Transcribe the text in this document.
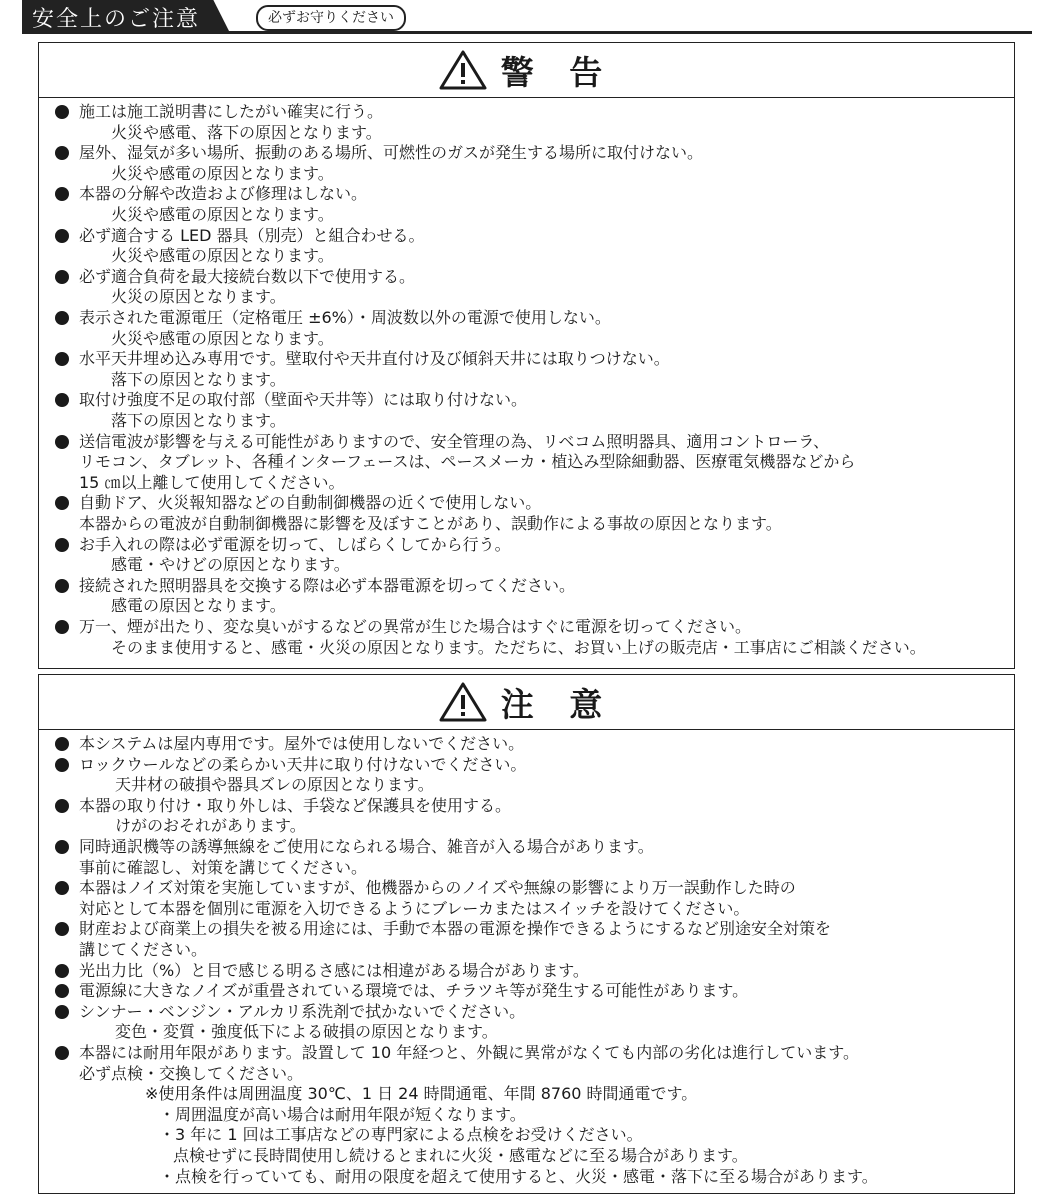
安全上のご注意	必ずお守りください
警 告
施工は施工説明書にしたがい確実に行う。
火災や感電、落下の原因となります。
屋外、湿気が多い場所、振動のある場所、可燃性のガスが発生する場所に取付けない。
火災や感電の原因となります。
本器の分解や改造および修理はしない。
火災や感電の原因となります。
必ず適合する LED 器具（別売）と組合わせる。
火災や感電の原因となります。
必ず適合負荷を最大接続台数以下で使用する。
火災の原因となります。
表示された電源電圧（定格電圧 ±6%）・周波数以外の電源で使用しない。
火災や感電の原因となります。
水平天井埋め込み専用です。壁取付や天井直付け及び傾斜天井には取りつけない。
落下の原因となります。
取付け強度不足の取付部（壁面や天井等）には取り付けない。
落下の原因となります。
送信電波が影響を与える可能性がありますので、安全管理の為、リベコム照明器具、適用コントローラ、
リモコン、タブレット、各種インターフェースは、ペースメーカ・植込み型除細動器、医療電気機器などから
15 ㎝以上離して使用してください。
自動ドア、火災報知器などの自動制御機器の近くで使用しない。
本器からの電波が自動制御機器に影響を及ぼすことがあり、誤動作による事故の原因となります。
お手入れの際は必ず電源を切って、しばらくしてから行う。
感電・やけどの原因となります。
接続された照明器具を交換する際は必ず本器電源を切ってください。
感電の原因となります。
万一、煙が出たり、変な臭いがするなどの異常が生じた場合はすぐに電源を切ってください。
そのまま使用すると、感電・火災の原因となります。ただちに、お買い上げの販売店・工事店にご相談ください。
注 意
本システムは屋内専用です。屋外では使用しないでください。
ロックウールなどの柔らかい天井に取り付けないでください。
天井材の破損や器具ズレの原因となります。
本器の取り付け・取り外しは、手袋など保護具を使用する。
けがのおそれがあります。
同時通訳機等の誘導無線をご使用になられる場合、雑音が入る場合があります。
事前に確認し、対策を講じてください。
本器はノイズ対策を実施していますが、他機器からのノイズや無線の影響により万一誤動作した時の
対応として本器を個別に電源を入切できるようにブレーカまたはスイッチを設けてください。
財産および商業上の損失を被る用途には、手動で本器の電源を操作できるようにするなど別途安全対策を
講じてください。
光出力比（%）と目で感じる明るさ感には相違がある場合があります。
電源線に大きなノイズが重畳されている環境では、チラツキ等が発生する可能性があります。
シンナー・ベンジン・アルカリ系洗剤で拭かないでください。
変色・変質・強度低下による破損の原因となります。
本器には耐用年限があります。設置して 10 年経つと、外観に異常がなくても内部の劣化は進行しています。
必ず点検・交換してください。
※使用条件は周囲温度 30℃、1 日 24 時間通電、年間 8760 時間通電です。
・周囲温度が高い場合は耐用年限が短くなります。
・3 年に 1 回は工事店などの専門家による点検をお受けください。
点検せずに長時間使用し続けるとまれに火災・感電などに至る場合があります。
・点検を行っていても、耐用の限度を超えて使用すると、火災・感電・落下に至る場合があります。
